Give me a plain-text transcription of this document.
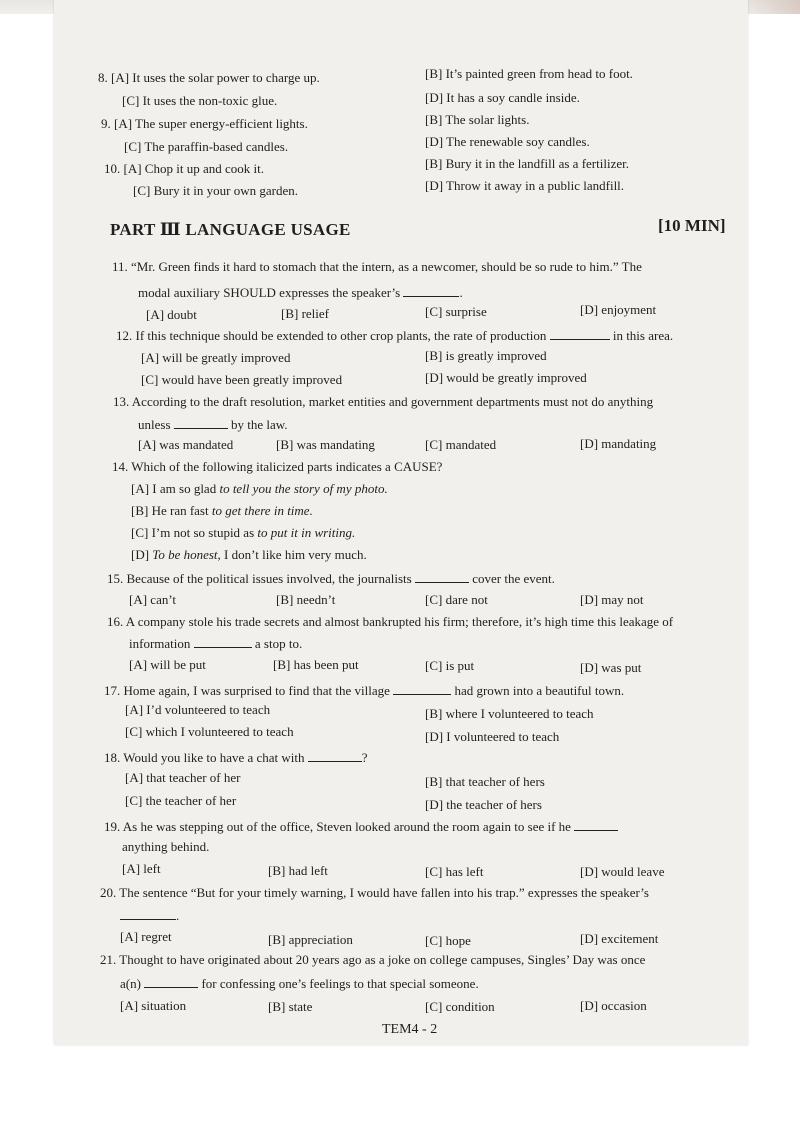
8. [A] It uses the solar power to charge up.	[B] It’s painted green from head to foot.
[C] It uses the non-toxic glue.	[D] It has a soy candle inside.
9. [A] The super energy-efficient lights.	[B] The solar lights.
[C] The paraffin-based candles.	[D] The renewable soy candles.
10. [A] Chop it up and cook it.	[B] Bury it in the landfill as a fertilizer.
[C] Bury it in your own garden.	[D] Throw it away in a public landfill.
PART Ⅲ LANGUAGE USAGE	[10 MIN]
11. “Mr. Green finds it hard to stomach that the intern, as a newcomer, should be so rude to him.” The
modal auxiliary SHOULD expresses the speaker’s	.
[A] doubt	[B] relief	[C] surprise	[D] enjoyment
12. If this technique should be extended to other crop plants, the rate of production	in this area.
[A] will be greatly improved	[B] is greatly improved
[C] would have been greatly improved	[D] would be greatly improved
13. According to the draft resolution, market entities and government departments must not do anything
unless	by the law.
[A] was mandated	[B] was mandating	[C] mandated	[D] mandating
14. Which of the following italicized parts indicates a CAUSE?
[A] I am so glad to tell you the story of my photo.
[B] He ran fast to get there in time.
[C] I’m not so stupid as to put it in writing.
[D] To be honest, I don’t like him very much.
15. Because of the political issues involved, the journalists	cover the event.
[A] can’t	[B] needn’t	[C] dare not	[D] may not
16. A company stole his trade secrets and almost bankrupted his firm; therefore, it’s high time this leakage of
information	a stop to.
[A] will be put	[B] has been put	[C] is put	[D] was put
17. Home again, I was surprised to find that the village	had grown into a beautiful town.
[A] I’d volunteered to teach	[B] where I volunteered to teach
[C] which I volunteered to teach	[D] I volunteered to teach
18. Would you like to have a chat with	?
[A] that teacher of her	[B] that teacher of hers
[C] the teacher of her	[D] the teacher of hers
19. As he was stepping out of the office, Steven looked around the room again to see if he
anything behind.
[A] left	[B] had left	[C] has left	[D] would leave
20. The sentence “But for your timely warning, I would have fallen into his trap.” expresses the speaker’s
.
[A] regret	[B] appreciation	[C] hope	[D] excitement
21. Thought to have originated about 20 years ago as a joke on college campuses, Singles’ Day was once
a(n)	for confessing one’s feelings to that special someone.
[A] situation	[B] state	[C] condition	[D] occasion
TEM4 - 2
